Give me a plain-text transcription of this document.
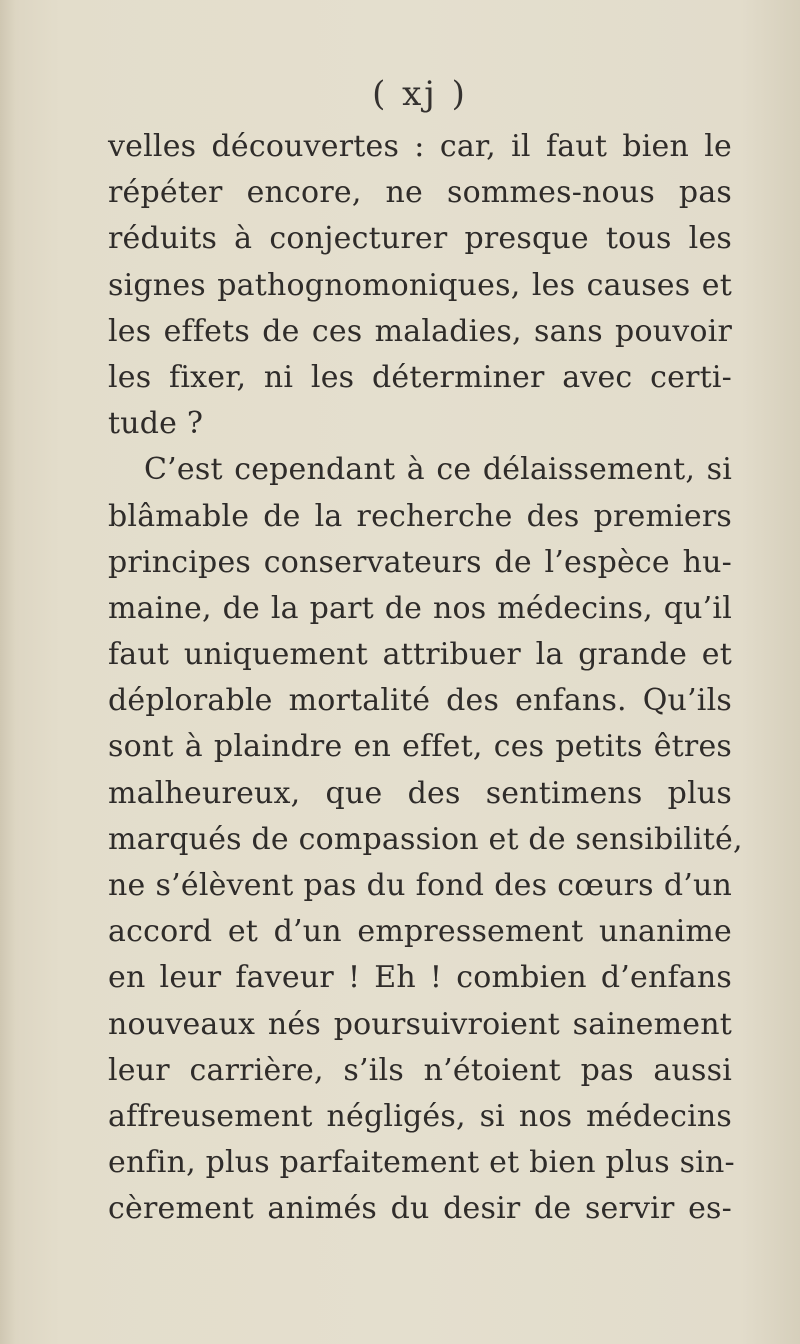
( xj )
velles découvertes : car, il faut bien le
répéter encore, ne sommes-nous pas
réduits à conjecturer presque tous les
signes pathognomoniques, les causes et
les effets de ces maladies, sans pouvoir
les fixer, ni les déterminer avec certi-
tude ?
C’est cependant à ce délaissement, si
blâmable de la recherche des premiers
principes conservateurs de l’espèce hu-
maine, de la part de nos médecins, qu’il
faut uniquement attribuer la grande et
déplorable mortalité des enfans. Qu’ils
sont à plaindre en effet, ces petits êtres
malheureux, que des sentimens plus
marqués de compassion et de sensibilité,
ne s’élèvent pas du fond des cœurs d’un
accord et d’un empressement unanime
en leur faveur ! Eh ! combien d’enfans
nouveaux nés poursuivroient sainement
leur carrière, s’ils n’étoient pas aussi
affreusement négligés, si nos médecins
enfin, plus parfaitement et bien plus sin-
cèrement animés du desir de servir es-
